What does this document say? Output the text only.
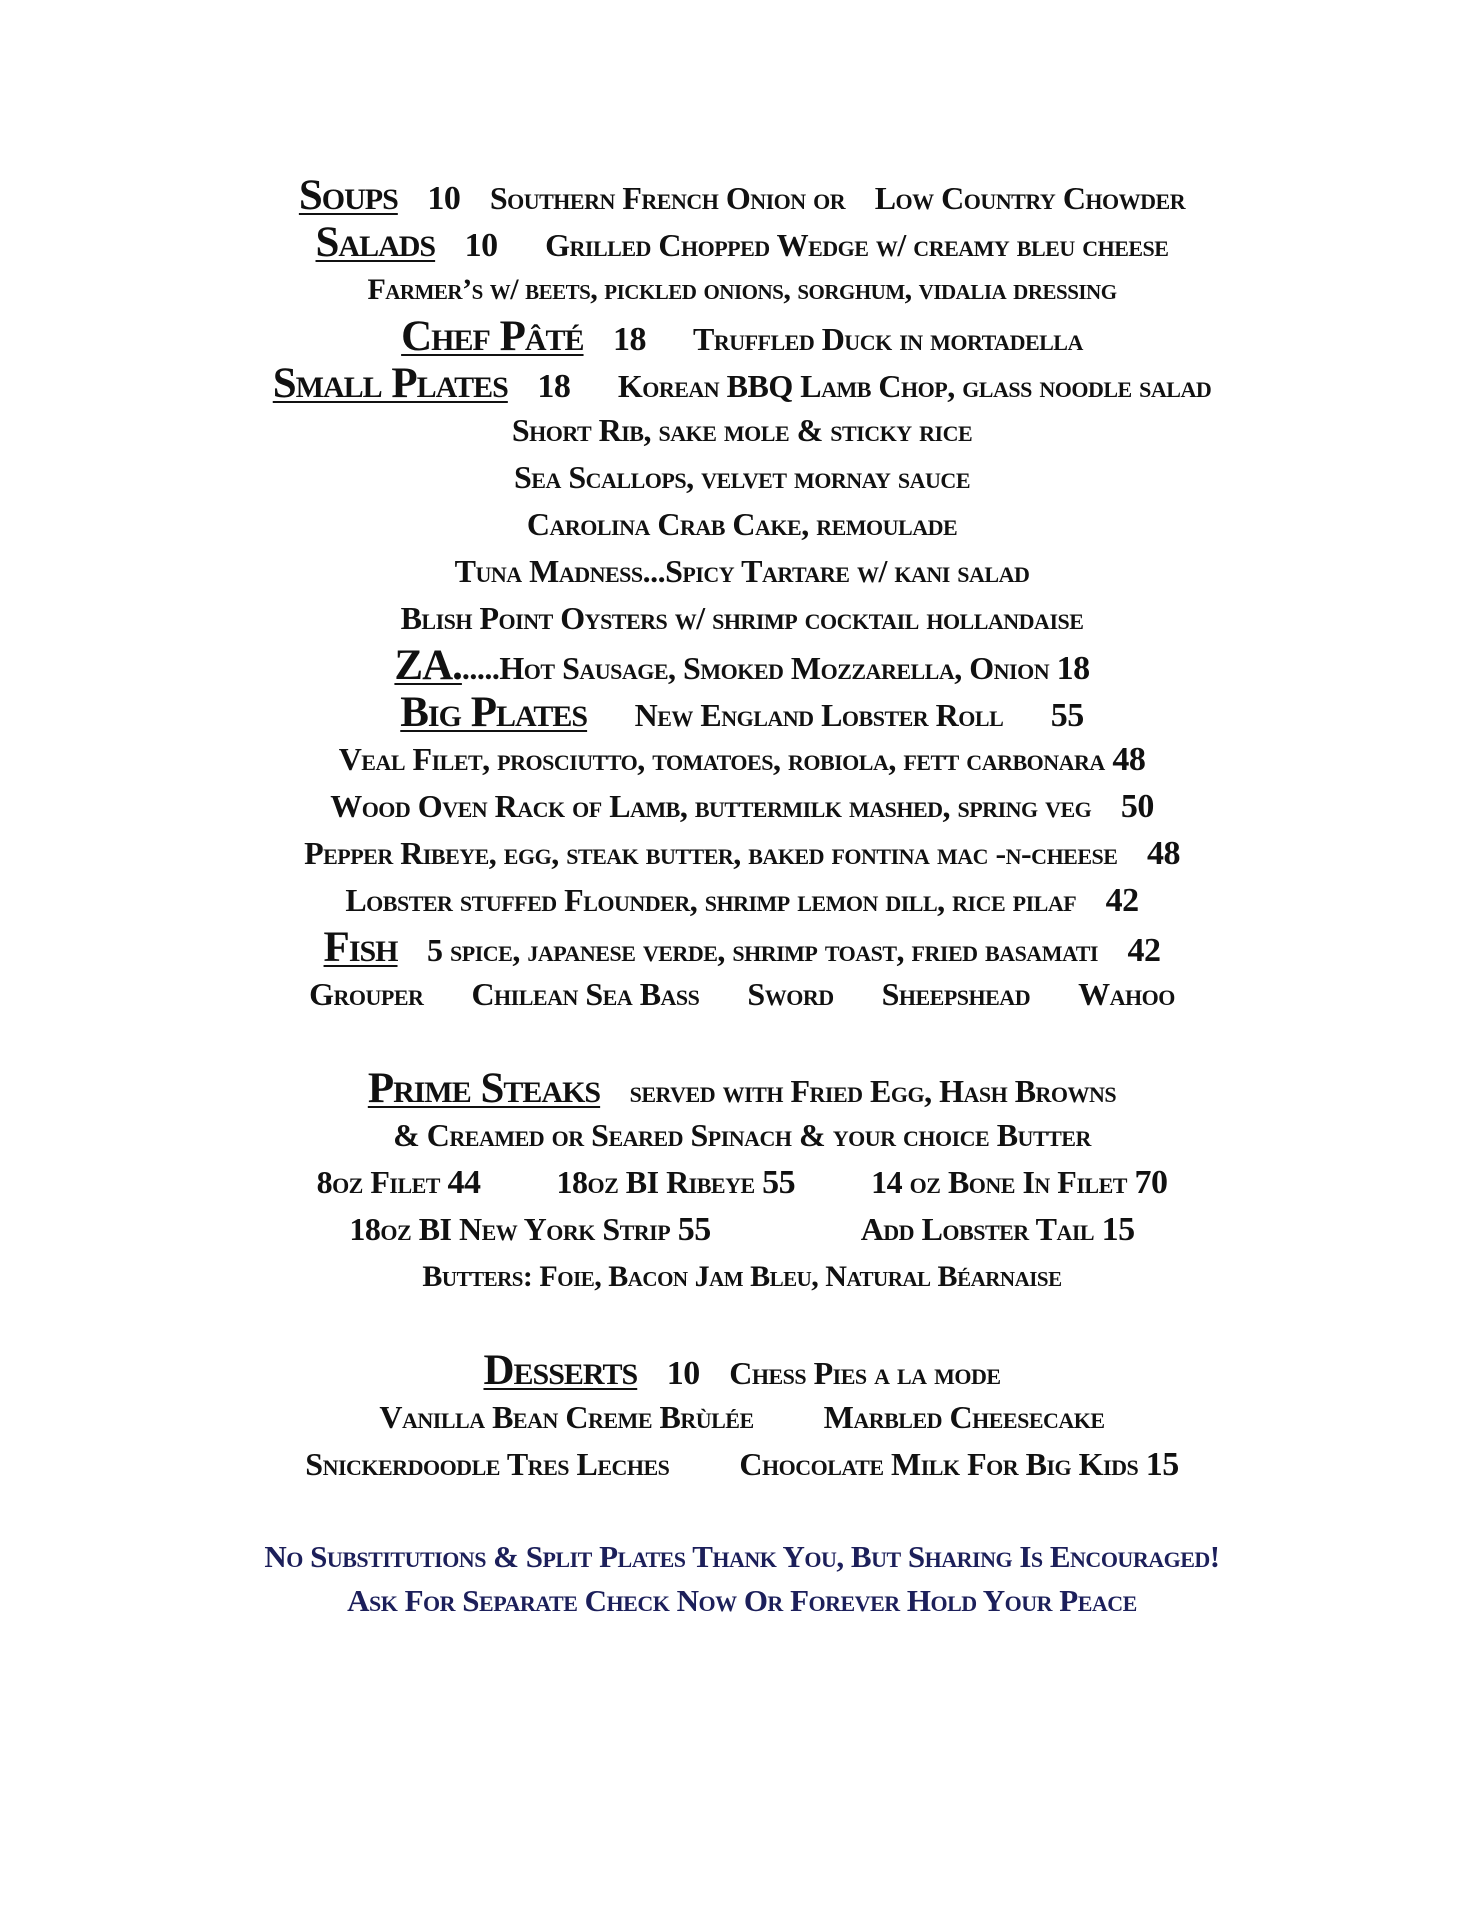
Soups 10 Southern French Onion or Low Country Chowder
Salads 10 Grilled Chopped Wedge w/ creamy bleu cheese
Farmer’s w/ beets, pickled onions, sorghum, vidalia dressing
Chef Pâté 18 Truffled Duck in mortadella
Small Plates 18 Korean BBQ Lamb Chop, glass noodle salad
Short Rib, sake mole & sticky rice
Sea Scallops, velvet mornay sauce
Carolina Crab Cake, remoulade
Tuna Madness...Spicy Tartare w/ kani salad
Blish Point Oysters w/ shrimp cocktail hollandaise
ZA......Hot Sausage, Smoked Mozzarella, Onion 18
Big Plates New England Lobster Roll 55
Veal Filet, prosciutto, tomatoes, robiola, fett carbonara 48
Wood Oven Rack of Lamb, buttermilk mashed, spring veg 50
Pepper Ribeye, egg, steak butter, baked fontina mac -n-cheese 48
Lobster stuffed Flounder, shrimp lemon dill, rice pilaf 42
Fish 5 spice, japanese verde, shrimp toast, fried basamati 42
Grouper Chilean Sea Bass Sword Sheepshead Wahoo
Prime Steaks served with Fried Egg, Hash Browns
& Creamed or Seared Spinach & your choice Butter
8oz Filet 44 18oz BI Ribeye 55 14 oz Bone In Filet 70
18oz BI New York Strip 55	Add Lobster Tail 15
Butters: Foie, Bacon Jam Bleu, Natural Béarnaise
Desserts 10 Chess Pies a la mode
Vanilla Bean Creme Brùlée Marbled Cheesecake
Snickerdoodle Tres Leches Chocolate Milk For Big Kids 15
No Substitutions & Split Plates Thank You, But Sharing Is Encouraged!
Ask For Separate Check Now Or Forever Hold Your Peace
